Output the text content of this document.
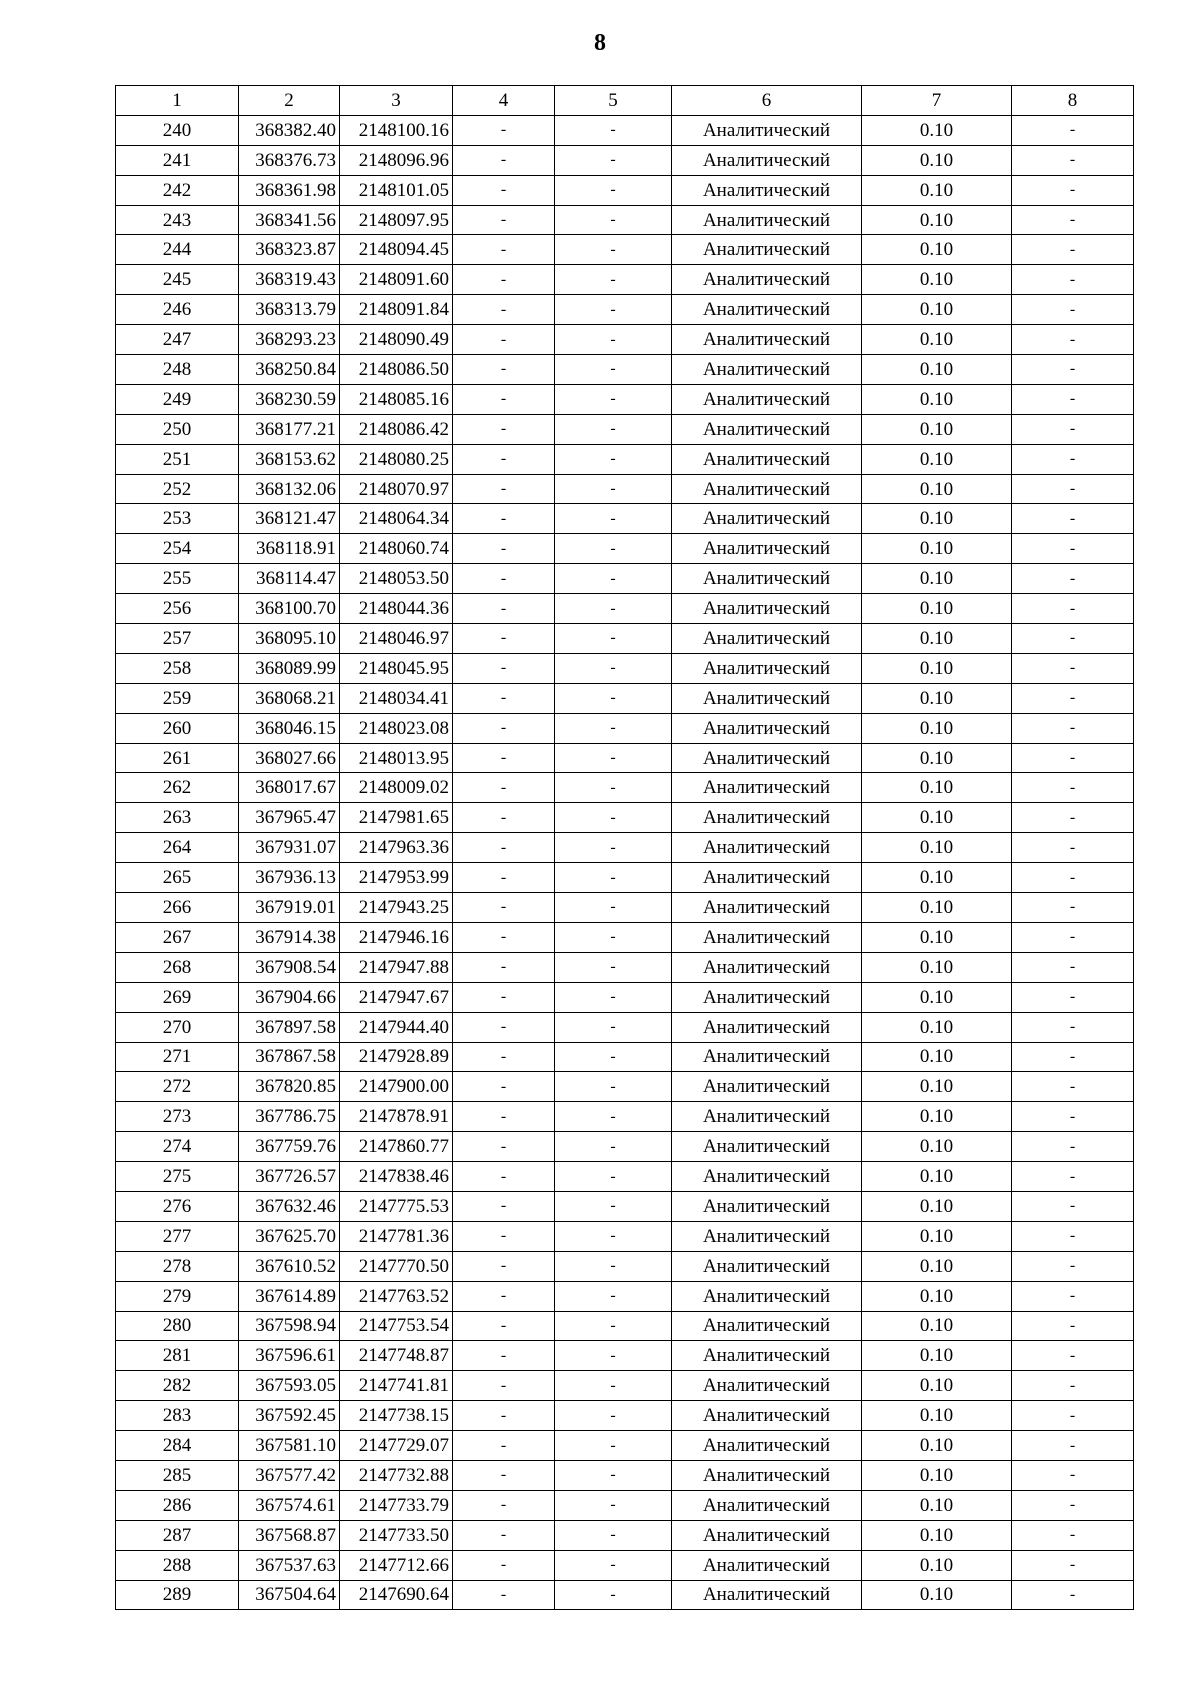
8
1	2	3	4	5	6	7	8
240	368382.40	2148100.16	-	-	Аналитический	0.10	-
241	368376.73	2148096.96	-	-	Аналитический	0.10	-
242	368361.98	2148101.05	-	-	Аналитический	0.10	-
243	368341.56	2148097.95	-	-	Аналитический	0.10	-
244	368323.87	2148094.45	-	-	Аналитический	0.10	-
245	368319.43	2148091.60	-	-	Аналитический	0.10	-
246	368313.79	2148091.84	-	-	Аналитический	0.10	-
247	368293.23	2148090.49	-	-	Аналитический	0.10	-
248	368250.84	2148086.50	-	-	Аналитический	0.10	-
249	368230.59	2148085.16	-	-	Аналитический	0.10	-
250	368177.21	2148086.42	-	-	Аналитический	0.10	-
251	368153.62	2148080.25	-	-	Аналитический	0.10	-
252	368132.06	2148070.97	-	-	Аналитический	0.10	-
253	368121.47	2148064.34	-	-	Аналитический	0.10	-
254	368118.91	2148060.74	-	-	Аналитический	0.10	-
255	368114.47	2148053.50	-	-	Аналитический	0.10	-
256	368100.70	2148044.36	-	-	Аналитический	0.10	-
257	368095.10	2148046.97	-	-	Аналитический	0.10	-
258	368089.99	2148045.95	-	-	Аналитический	0.10	-
259	368068.21	2148034.41	-	-	Аналитический	0.10	-
260	368046.15	2148023.08	-	-	Аналитический	0.10	-
261	368027.66	2148013.95	-	-	Аналитический	0.10	-
262	368017.67	2148009.02	-	-	Аналитический	0.10	-
263	367965.47	2147981.65	-	-	Аналитический	0.10	-
264	367931.07	2147963.36	-	-	Аналитический	0.10	-
265	367936.13	2147953.99	-	-	Аналитический	0.10	-
266	367919.01	2147943.25	-	-	Аналитический	0.10	-
267	367914.38	2147946.16	-	-	Аналитический	0.10	-
268	367908.54	2147947.88	-	-	Аналитический	0.10	-
269	367904.66	2147947.67	-	-	Аналитический	0.10	-
270	367897.58	2147944.40	-	-	Аналитический	0.10	-
271	367867.58	2147928.89	-	-	Аналитический	0.10	-
272	367820.85	2147900.00	-	-	Аналитический	0.10	-
273	367786.75	2147878.91	-	-	Аналитический	0.10	-
274	367759.76	2147860.77	-	-	Аналитический	0.10	-
275	367726.57	2147838.46	-	-	Аналитический	0.10	-
276	367632.46	2147775.53	-	-	Аналитический	0.10	-
277	367625.70	2147781.36	-	-	Аналитический	0.10	-
278	367610.52	2147770.50	-	-	Аналитический	0.10	-
279	367614.89	2147763.52	-	-	Аналитический	0.10	-
280	367598.94	2147753.54	-	-	Аналитический	0.10	-
281	367596.61	2147748.87	-	-	Аналитический	0.10	-
282	367593.05	2147741.81	-	-	Аналитический	0.10	-
283	367592.45	2147738.15	-	-	Аналитический	0.10	-
284	367581.10	2147729.07	-	-	Аналитический	0.10	-
285	367577.42	2147732.88	-	-	Аналитический	0.10	-
286	367574.61	2147733.79	-	-	Аналитический	0.10	-
287	367568.87	2147733.50	-	-	Аналитический	0.10	-
288	367537.63	2147712.66	-	-	Аналитический	0.10	-
289	367504.64	2147690.64	-	-	Аналитический	0.10	-
